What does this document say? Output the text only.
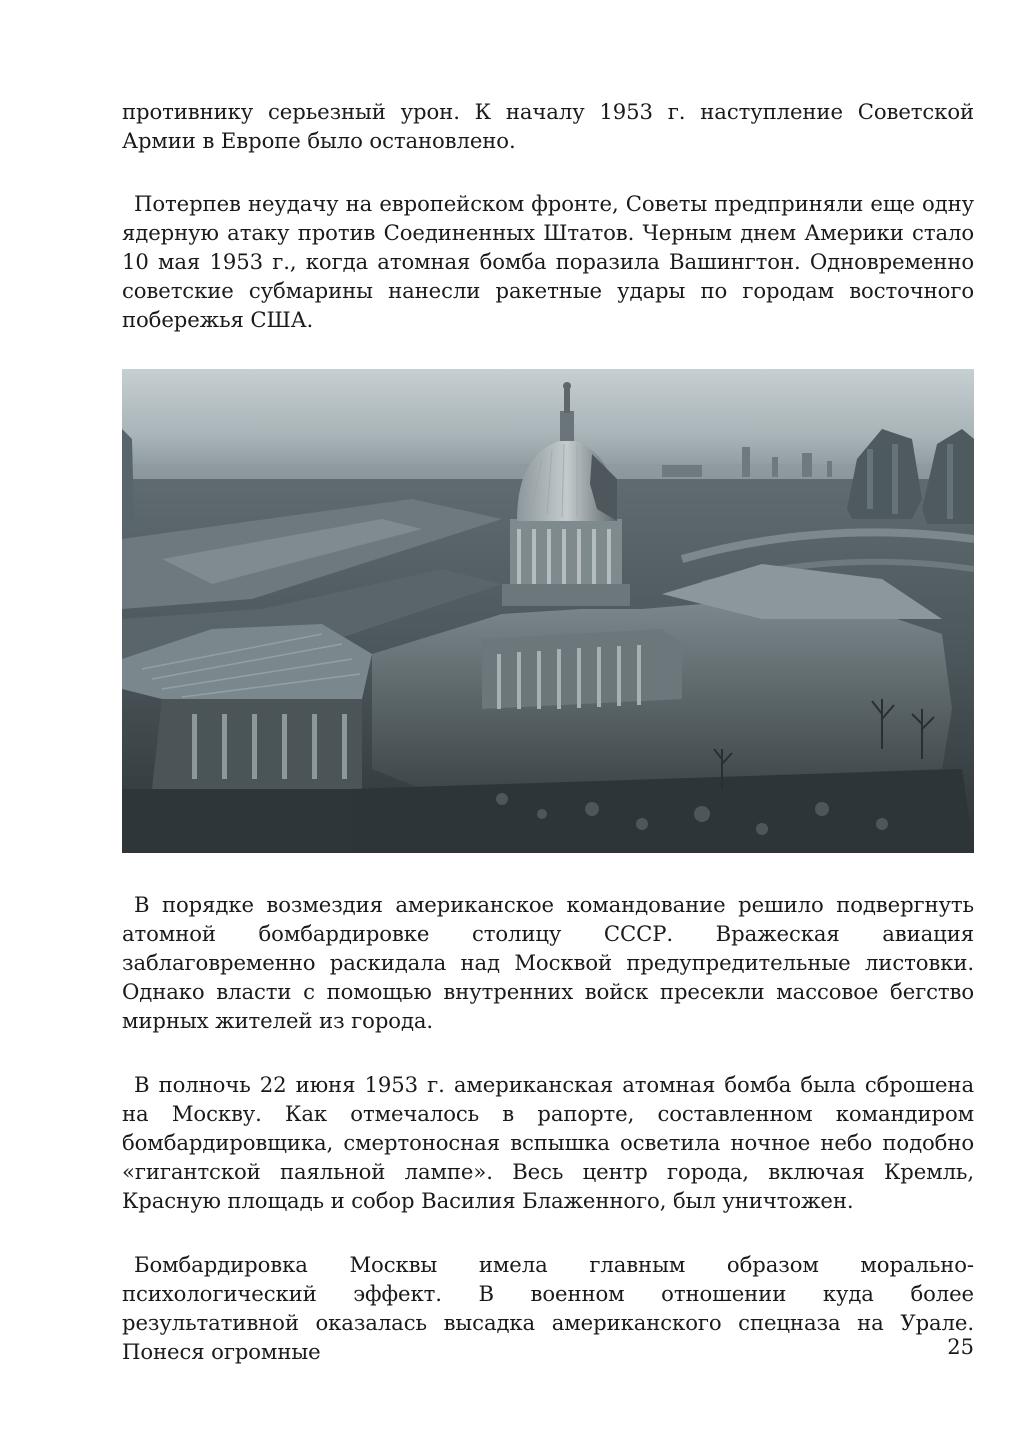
противнику серьезный урон. К началу 1953 г. наступление Советской Армии в Европе было остановлено.

Потерпев неудачу на европейском фронте, Советы предприняли еще одну ядерную атаку против Соединенных Штатов. Черным днем Америки стало 10 мая 1953 г., когда атомная бомба поразила Вашингтон. Одновременно советские субмарины нанесли ракетные удары по городам восточного побережья США.

В порядке возмездия американское командование решило подвергнуть атомной бомбардировке столицу СССР. Вражеская авиация заблаговременно раскидала над Москвой предупредительные листовки. Однако власти с помощью внутренних войск пресекли массовое бегство мирных жителей из города.

В полночь 22 июня 1953 г. американская атомная бомба была сброшена на Москву. Как отмечалось в рапорте, составленном командиром бомбардировщика, смертоносная вспышка осветила ночное небо подобно «гигантской паяльной лампе». Весь центр города, включая Кремль, Красную площадь и собор Василия Блаженного, был уничтожен.

Бомбардировка Москвы имела главным образом морально-психологический эффект. В военном отношении куда более результативной оказалась высадка американского спецназа на Урале. Понеся огромные	25
